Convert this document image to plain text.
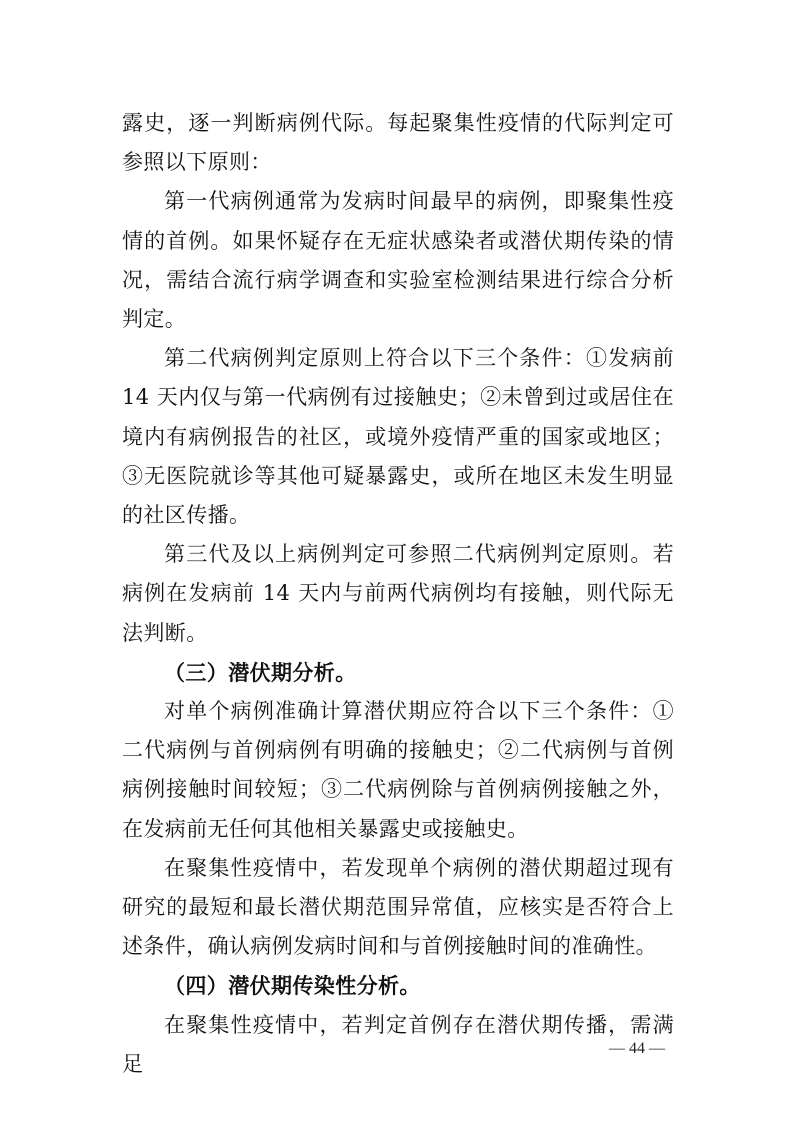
露史，逐一判断病例代际。每起聚集性疫情的代际判定可参照以下原则：

第一代病例通常为发病时间最早的病例，即聚集性疫情的首例。如果怀疑存在无症状感染者或潜伏期传染的情况，需结合流行病学调查和实验室检测结果进行综合分析判定。

第二代病例判定原则上符合以下三个条件：①发病前 14 天内仅与第一代病例有过接触史；②未曾到过或居住在境内有病例报告的社区，或境外疫情严重的国家或地区；③无医院就诊等其他可疑暴露史，或所在地区未发生明显的社区传播。

第三代及以上病例判定可参照二代病例判定原则。若病例在发病前 14 天内与前两代病例均有接触，则代际无法判断。

（三）潜伏期分析。

对单个病例准确计算潜伏期应符合以下三个条件：①二代病例与首例病例有明确的接触史；②二代病例与首例病例接触时间较短；③二代病例除与首例病例接触之外，在发病前无任何其他相关暴露史或接触史。

在聚集性疫情中，若发现单个病例的潜伏期超过现有研究的最短和最长潜伏期范围异常值，应核实是否符合上述条件，确认病例发病时间和与首例接触时间的准确性。

（四）潜伏期传染性分析。

在聚集性疫情中，若判定首例存在潜伏期传播，需满足

— 44 —
